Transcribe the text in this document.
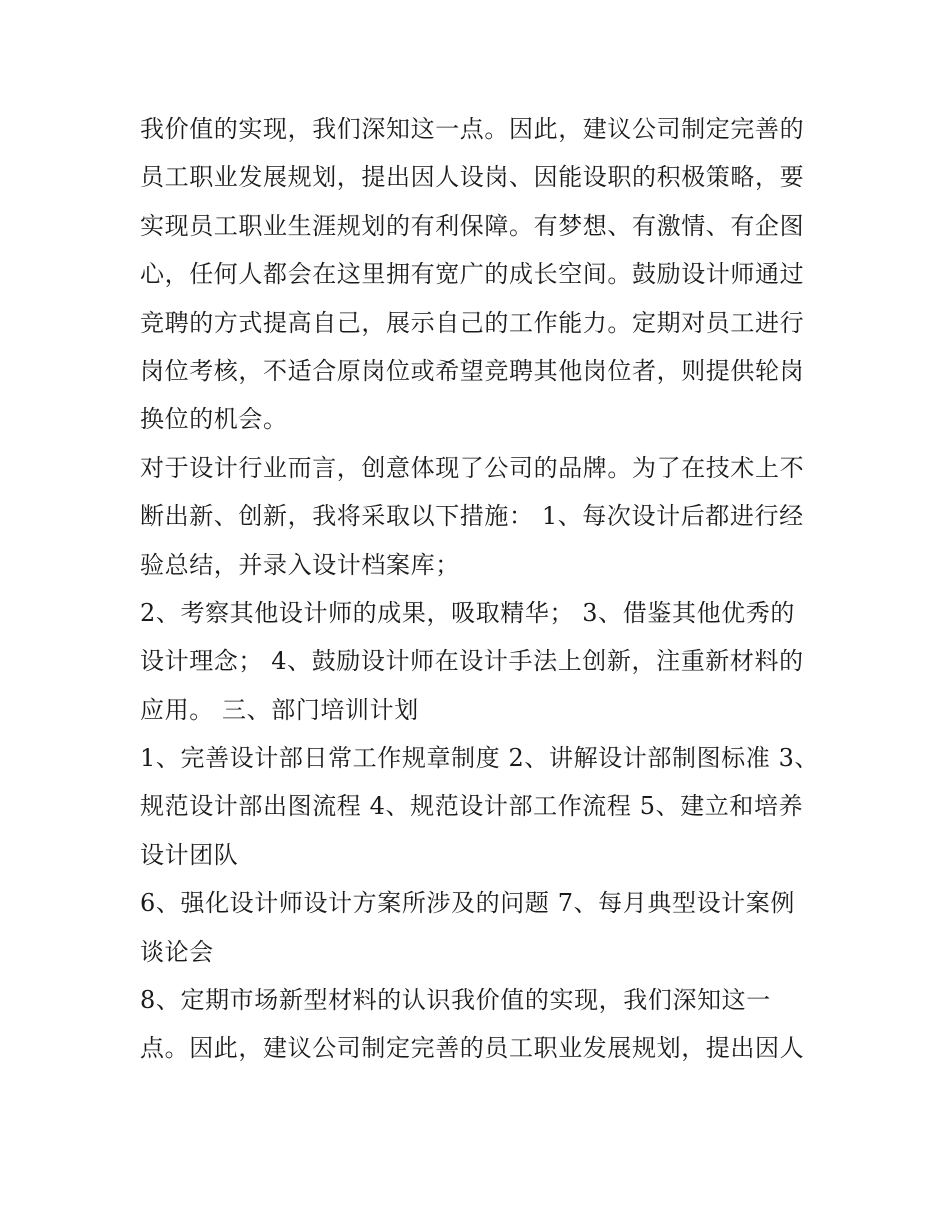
我价值的实现，我们深知这一点。因此，建议公司制定完善的
员工职业发展规划，提出因人设岗、因能设职的积极策略，要
实现员工职业生涯规划的有利保障。有梦想、有激情、有企图
心，任何人都会在这里拥有宽广的成长空间。鼓励设计师通过
竞聘的方式提高自己，展示自己的工作能力。定期对员工进行
岗位考核，不适合原岗位或希望竞聘其他岗位者，则提供轮岗
换位的机会。
对于设计行业而言，创意体现了公司的品牌。为了在技术上不
断出新、创新，我将采取以下措施： 1、每次设计后都进行经
验总结，并录入设计档案库；
2、考察其他设计师的成果，吸取精华； 3、借鉴其他优秀的
设计理念； 4、鼓励设计师在设计手法上创新，注重新材料的
应用。 三、部门培训计划
1、完善设计部日常工作规章制度 2、讲解设计部制图标准 3、
规范设计部出图流程 4、规范设计部工作流程 5、建立和培养
设计团队
6、强化设计师设计方案所涉及的问题 7、每月典型设计案例
谈论会
8、定期市场新型材料的认识我价值的实现，我们深知这一
点。因此，建议公司制定完善的员工职业发展规划，提出因人
